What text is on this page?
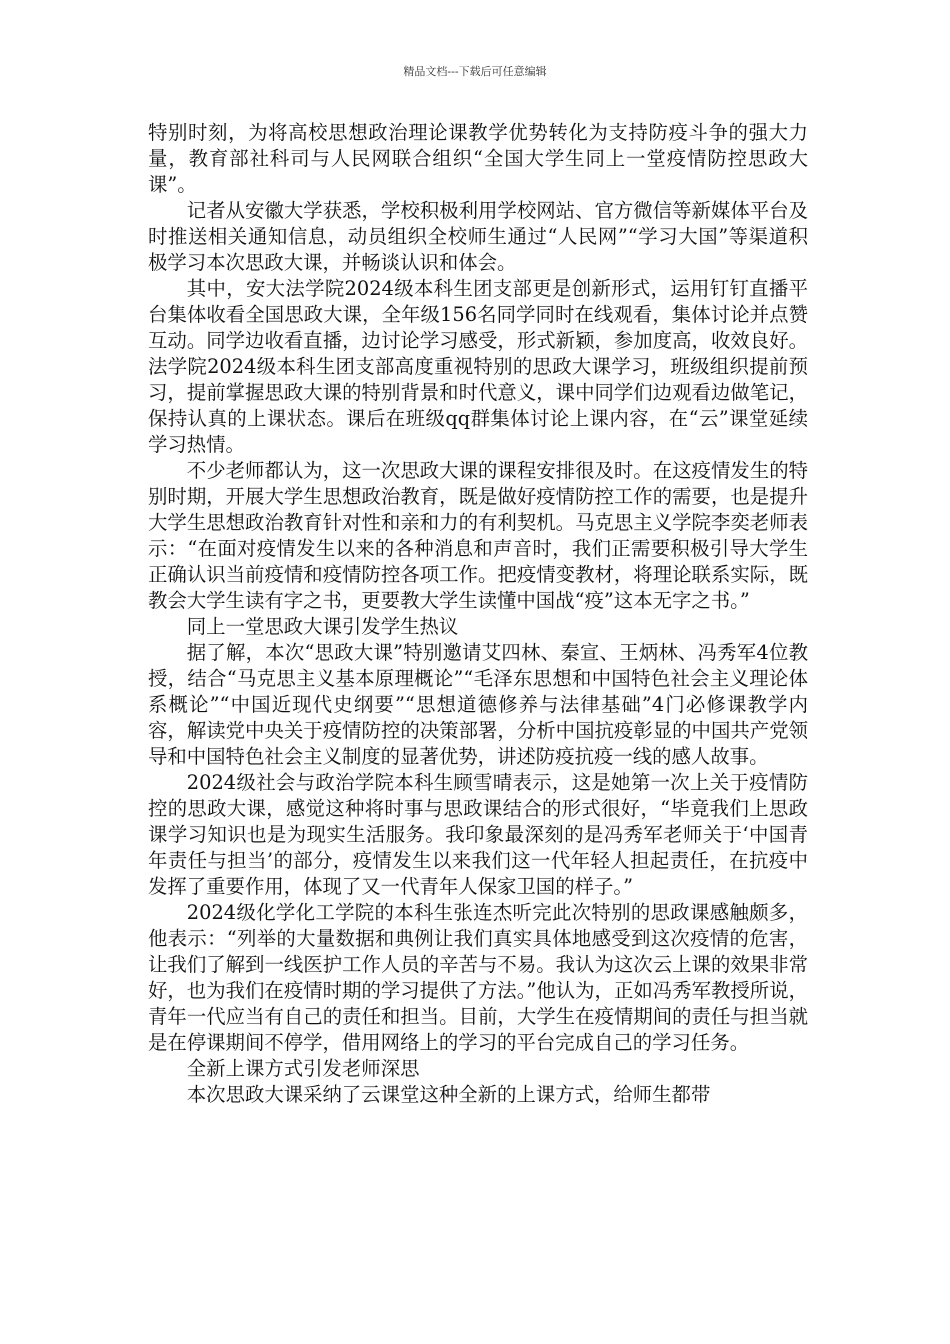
精品文档---下载后可任意编辑

特别时刻，为将高校思想政治理论课教学优势转化为支持防疫斗争的强大力量，教育部社科司与人民网联合组织“全国大学生同上一堂疫情防控思政大课”。

记者从安徽大学获悉，学校积极利用学校网站、官方微信等新媒体平台及时推送相关通知信息，动员组织全校师生通过“人民网”“学习大国”等渠道积极学习本次思政大课，并畅谈认识和体会。

其中，安大法学院2024级本科生团支部更是创新形式，运用钉钉直播平台集体收看全国思政大课，全年级156名同学同时在线观看，集体讨论并点赞互动。同学边收看直播，边讨论学习感受，形式新颖，参加度高，收效良好。法学院2024级本科生团支部高度重视特别的思政大课学习，班级组织提前预习，提前掌握思政大课的特别背景和时代意义，课中同学们边观看边做笔记，保持认真的上课状态。课后在班级qq群集体讨论上课内容，在“云”课堂延续学习热情。

不少老师都认为，这一次思政大课的课程安排很及时。在这疫情发生的特别时期，开展大学生思想政治教育，既是做好疫情防控工作的需要，也是提升大学生思想政治教育针对性和亲和力的有利契机。马克思主义学院李奕老师表示：“在面对疫情发生以来的各种消息和声音时，我们正需要积极引导大学生正确认识当前疫情和疫情防控各项工作。把疫情变教材，将理论联系实际，既教会大学生读有字之书，更要教大学生读懂中国战“疫”这本无字之书。”

同上一堂思政大课引发学生热议

据了解，本次“思政大课”特别邀请艾四林、秦宣、王炳林、冯秀军4位教授，结合“马克思主义基本原理概论”“毛泽东思想和中国特色社会主义理论体系概论”“中国近现代史纲要”“思想道德修养与法律基础”4门必修课教学内容，解读党中央关于疫情防控的决策部署，分析中国抗疫彰显的中国共产党领导和中国特色社会主义制度的显著优势，讲述防疫抗疫一线的感人故事。

2024级社会与政治学院本科生顾雪晴表示，这是她第一次上关于疫情防控的思政大课，感觉这种将时事与思政课结合的形式很好，“毕竟我们上思政课学习知识也是为现实生活服务。我印象最深刻的是冯秀军老师关于‘中国青年责任与担当’的部分，疫情发生以来我们这一代年轻人担起责任，在抗疫中发挥了重要作用，体现了又一代青年人保家卫国的样子。”

2024级化学化工学院的本科生张连杰听完此次特别的思政课感触颇多，他表示：“列举的大量数据和典例让我们真实具体地感受到这次疫情的危害，让我们了解到一线医护工作人员的辛苦与不易。我认为这次云上课的效果非常好，也为我们在疫情时期的学习提供了方法。”他认为，正如冯秀军教授所说，青年一代应当有自己的责任和担当。目前，大学生在疫情期间的责任与担当就是在停课期间不停学，借用网络上的学习的平台完成自己的学习任务。

全新上课方式引发老师深思

本次思政大课采纳了云课堂这种全新的上课方式，给师生都带
